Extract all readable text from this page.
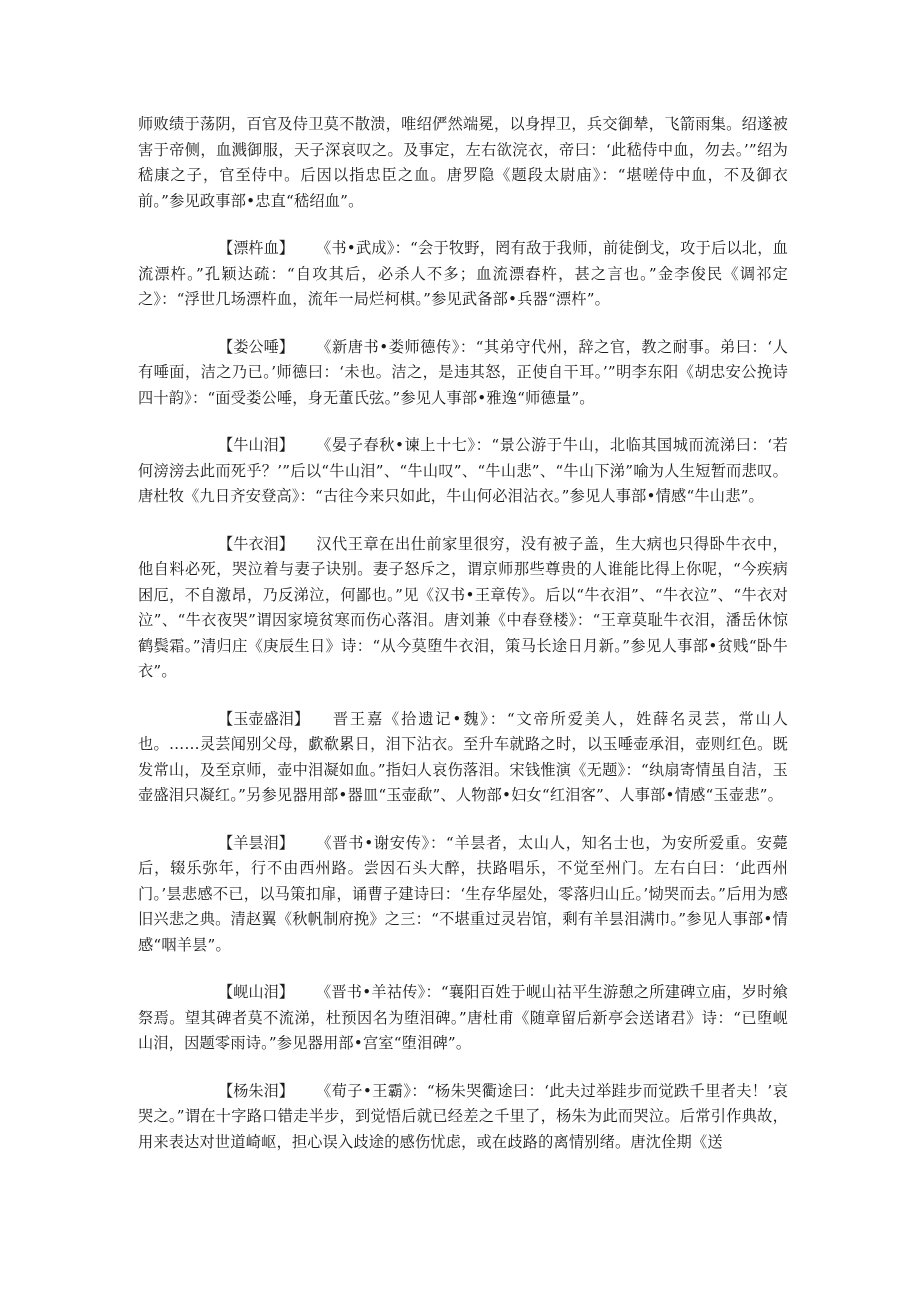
师败绩于荡阴，百官及侍卫莫不散溃，唯绍俨然端冕，以身捍卫，兵交御辇，飞箭雨集。绍遂被害于帝侧，血溅御服，天子深哀叹之。及事定，左右欲浣衣，帝曰：‘此嵇侍中血，勿去。’”绍为嵇康之子，官至侍中。后因以指忠臣之血。唐罗隐《题段太尉庙》：“堪嗟侍中血，不及御衣前。”参见政事部•忠直“嵇绍血”。

【漂杵血】 《书•武成》：“会于牧野，罔有敌于我师，前徒倒戈，攻于后以北，血流漂杵。”孔颖达疏：“自攻其后，必杀人不多；血流漂舂杵，甚之言也。”金李俊民《调祁定之》：“浮世几场漂杵血，流年一局烂柯棋。”参见武备部•兵器“漂杵”。

【娄公唾】 《新唐书•娄师德传》：“其弟守代州，辞之官，教之耐事。弟曰：‘人有唾面，洁之乃已。’师德曰：‘未也。洁之，是违其怒，正使自干耳。’”明李东阳《胡忠安公挽诗四十韵》：“面受娄公唾，身无董氏弦。”参见人事部•雅逸“师德量”。

【牛山泪】 《晏子春秋•谏上十七》：“景公游于牛山，北临其国城而流涕曰：‘若何滂滂去此而死乎？’”后以“牛山泪”、“牛山叹”、“牛山悲”、“牛山下涕”喻为人生短暂而悲叹。唐杜牧《九日齐安登高》：“古往今来只如此，牛山何必泪沾衣。”参见人事部•情感“牛山悲”。

【牛衣泪】 汉代王章在出仕前家里很穷，没有被子盖，生大病也只得卧牛衣中，他自料必死，哭泣着与妻子诀别。妻子怒斥之，谓京师那些尊贵的人谁能比得上你呢，“今疾病困厄，不自激昂，乃反涕泣，何鄙也。”见《汉书•王章传》。后以“牛衣泪”、“牛衣泣”、“牛衣对泣”、“牛衣夜哭”谓因家境贫寒而伤心落泪。唐刘兼《中春登楼》：“王章莫耻牛衣泪，潘岳休惊鹤鬓霜。”清归庄《庚辰生日》诗：“从今莫堕牛衣泪，策马长途日月新。”参见人事部•贫贱“卧牛衣”。

【玉壶盛泪】 晋王嘉《拾遗记•魏》：“文帝所爱美人，姓薛名灵芸，常山人也。……灵芸闻别父母，歔欷累日，泪下沾衣。至升车就路之时，以玉唾壶承泪，壶则红色。既发常山，及至京师，壶中泪凝如血。”指妇人哀伤落泪。宋钱惟演《无题》：“纨扇寄情虽自洁，玉壶盛泪只凝红。”另参见器用部•器皿“玉壶歃”、人物部•妇女“红泪客”、人事部•情感“玉壶悲”。

【羊昙泪】 《晋书•谢安传》：“羊昙者，太山人，知名士也，为安所爱重。安薨后，辍乐弥年，行不由西州路。尝因石头大醉，扶路唱乐，不觉至州门。左右白曰：‘此西州门。’昙悲感不已，以马策扣扉，诵曹子建诗曰：‘生存华屋处，零落归山丘。’恸哭而去。”后用为感旧兴悲之典。清赵翼《秋帆制府挽》之三：“不堪重过灵岩馆，剩有羊昙泪满巾。”参见人事部•情感“咽羊昙”。

【岘山泪】 《晋书•羊祜传》：“襄阳百姓于岘山祜平生游憩之所建碑立庙，岁时飨祭焉。望其碑者莫不流涕，杜预因名为堕泪碑。”唐杜甫《随章留后新亭会送诸君》诗：“已堕岘山泪，因题零雨诗。”参见器用部•宫室“堕泪碑”。

【杨朱泪】 《荀子•王霸》：“杨朱哭衢途曰：‘此夫过举跬步而觉跌千里者夫！’哀哭之。”谓在十字路口错走半步，到觉悟后就已经差之千里了，杨朱为此而哭泣。后常引作典故，用来表达对世道崎岖，担心误入歧途的感伤忧虑，或在歧路的离情别绪。唐沈佺期《送
